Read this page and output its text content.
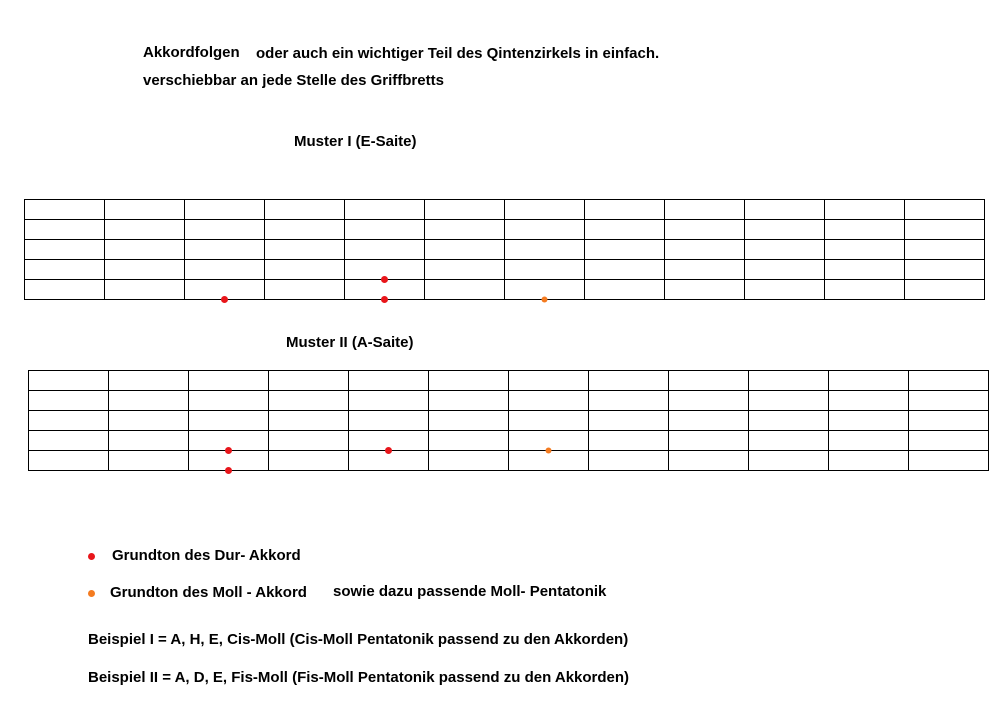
Akkordfolgen oder auch ein wichtiger Teil des Qintenzirkels in einfach.
verschiebbar an jede Stelle des Griffbretts
Muster I (E-Saite)
Muster II (A-Saite)
Grundton des Dur- Akkord
Grundton des Moll - Akkord sowie dazu passende Moll- Pentatonik
Beispiel I = A, H, E, Cis-Moll (Cis-Moll Pentatonik passend zu den Akkorden)
Beispiel II = A, D, E, Fis-Moll (Fis-Moll Pentatonik passend zu den Akkorden)
